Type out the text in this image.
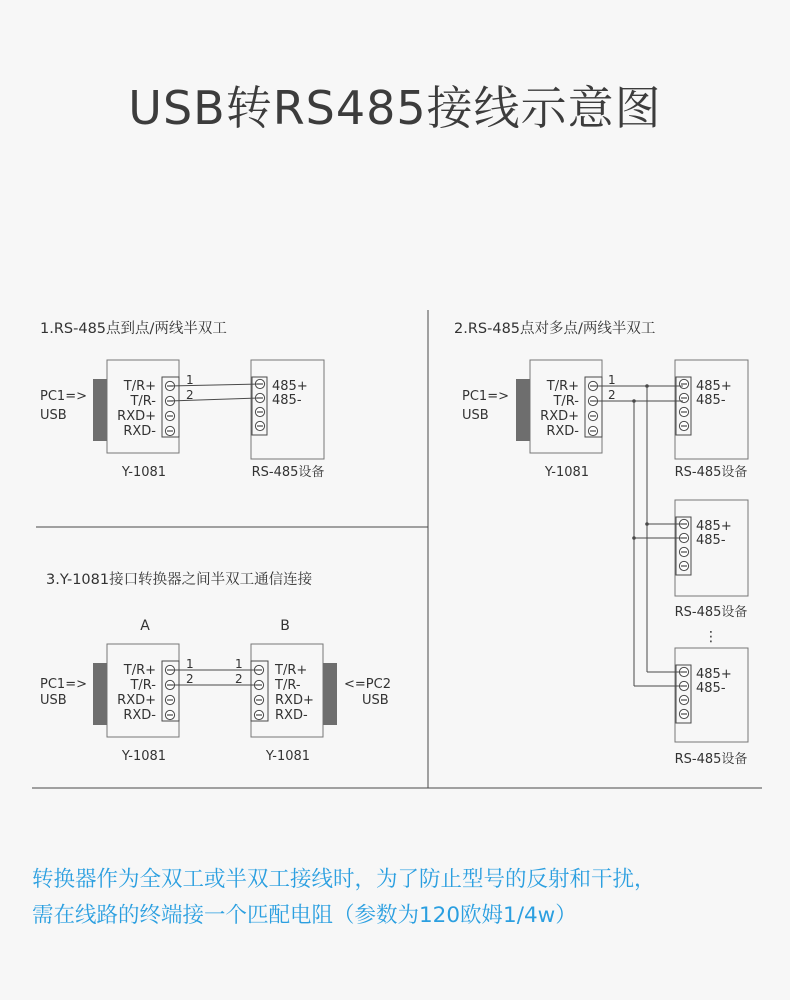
USB转RS485接线示意图
1.RS-485点到点/两线半双工	2.RS-485点对多点/两线半双工
3.Y-1081接口转换器之间半双工通信连接
T/R+
T/R-
RXD+
RXD-
PC1=>
USB
485+
485-
1
2
Y-1081	RS-485设备
T/R+
T/R-
RXD+
RXD-
PC1=>
USB
Y-1081
1
2
485+
485-
485+
485-
485+
485-
RS-485设备
RS-485设备
⋮
RS-485设备
A	B
T/R+
T/R-
RXD+
RXD-
T/R+
T/R-
RXD+
RXD-
PC1=>
USB
<=PC2
USB
1
2
1
2
Y-1081	Y-1081
转换器作为全双工或半双工接线时，为了防止型号的反射和干扰，
需在线路的终端接一个匹配电阻（参数为120欧姆1/4w）
